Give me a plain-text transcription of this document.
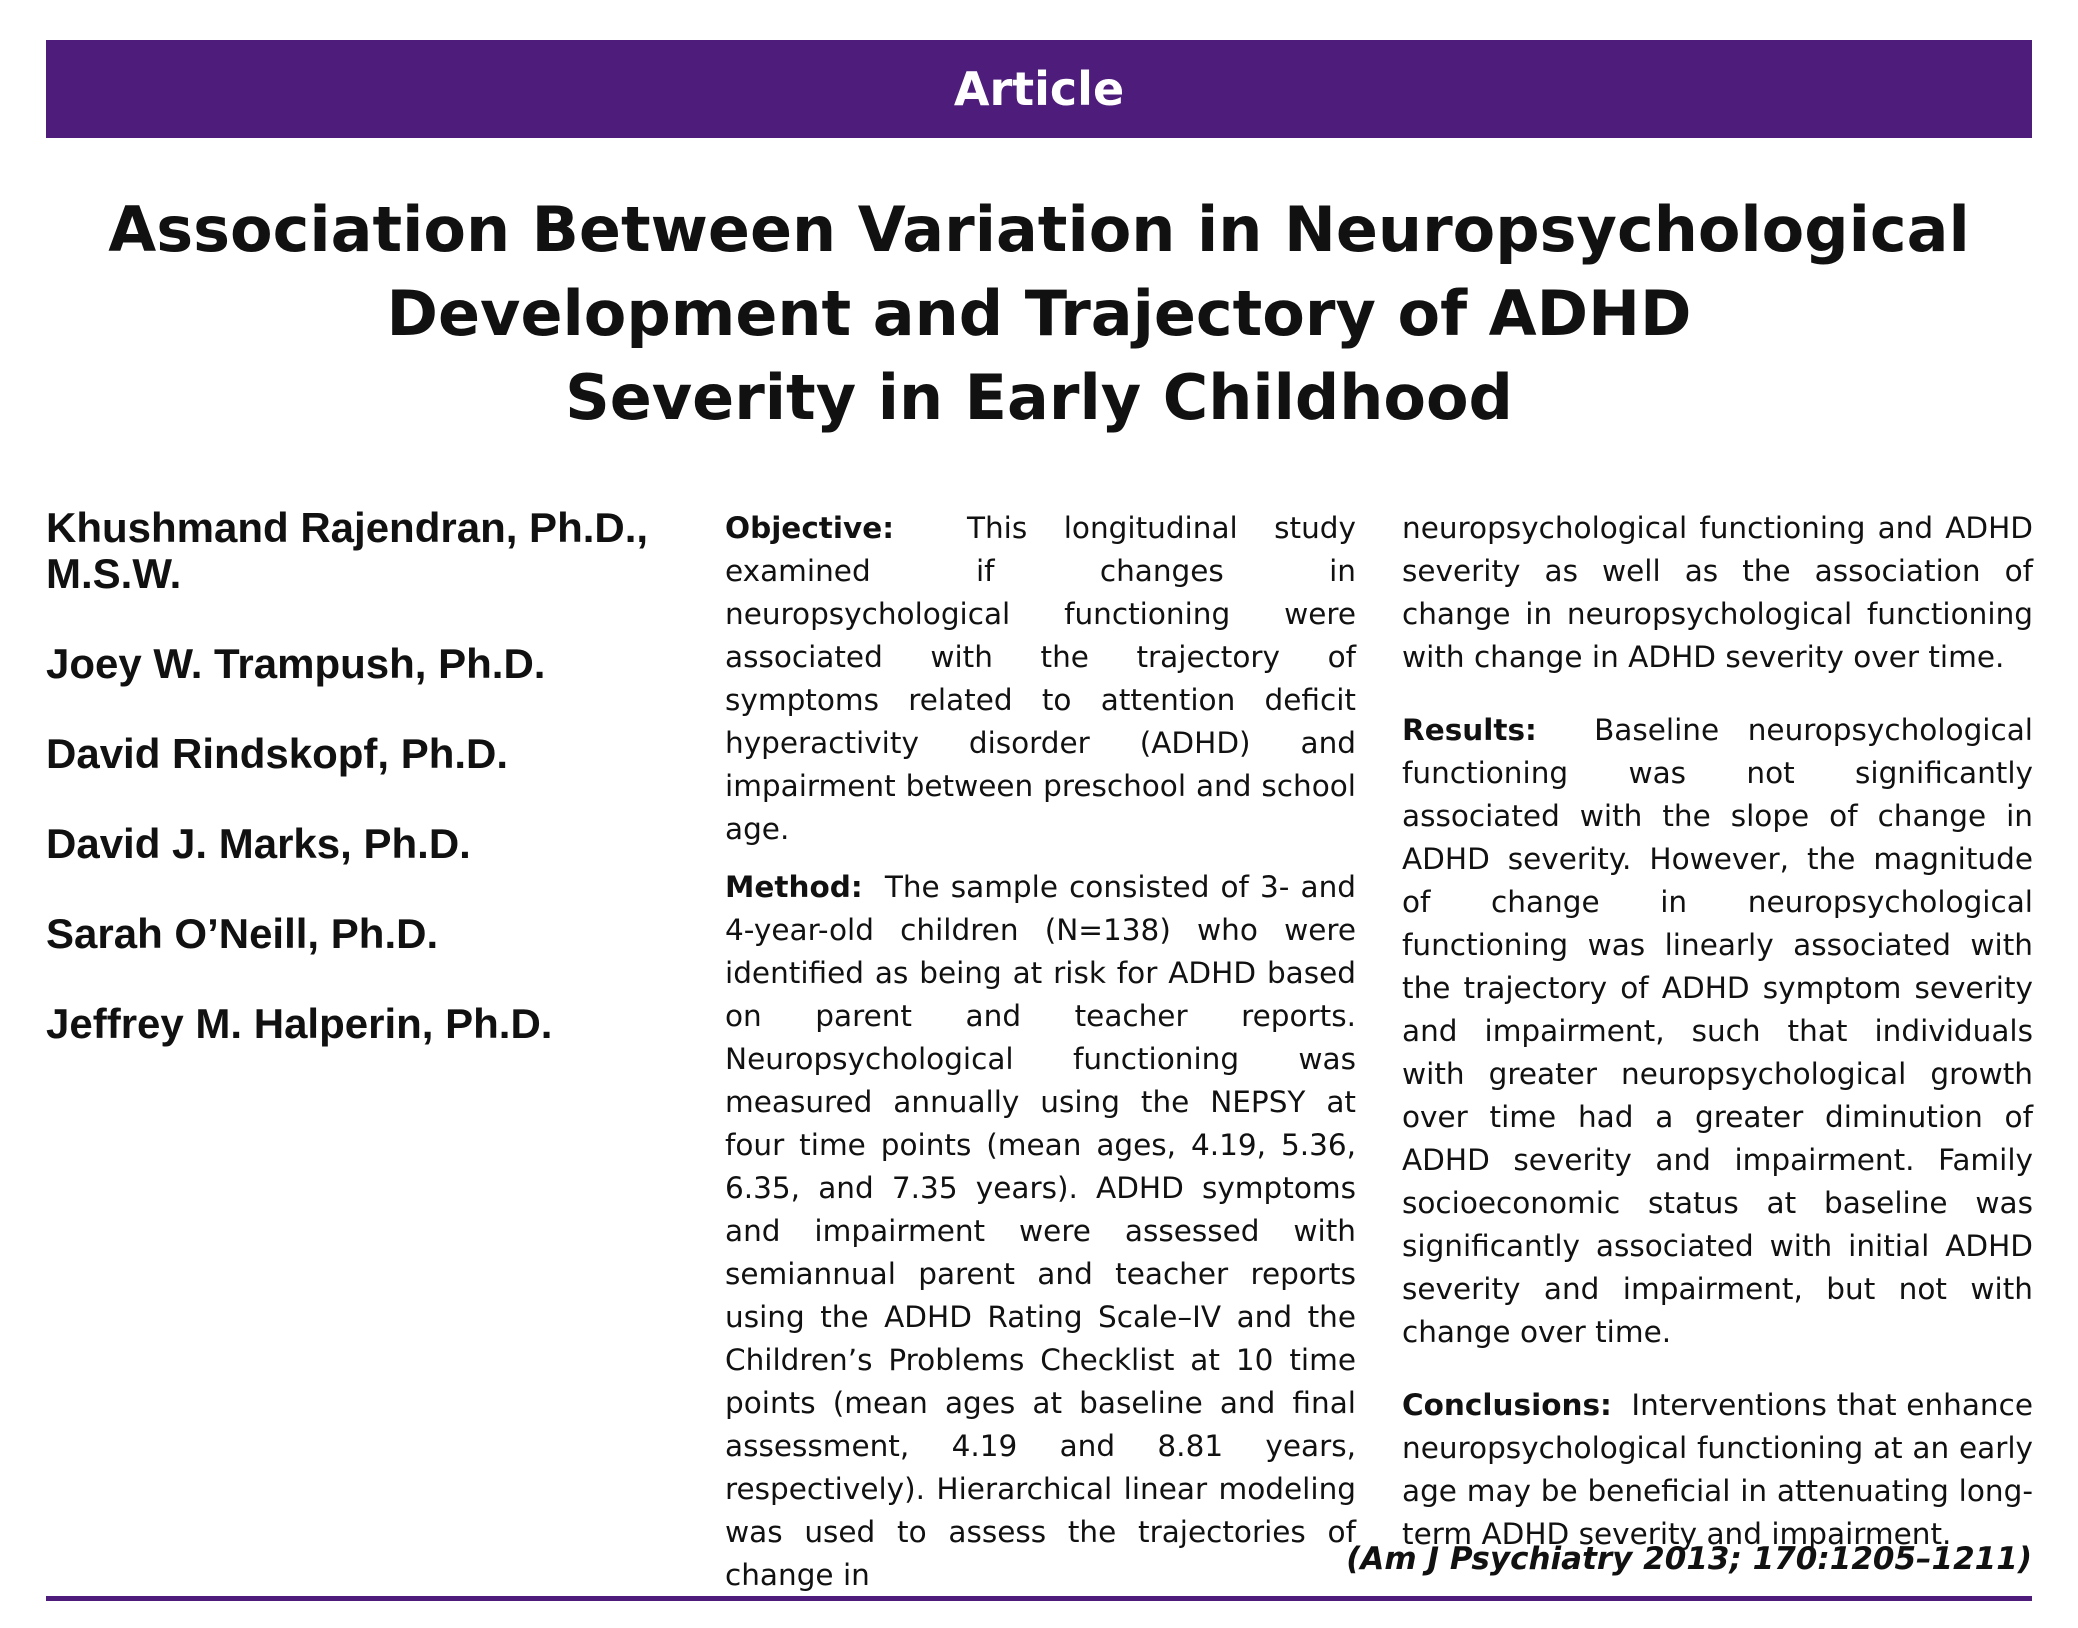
Article
Association Between Variation in Neuropsychological
Development and Trajectory of ADHD
Severity in Early Childhood

Khushmand Rajendran, Ph.D., M.S.W.

Joey W. Trampush, Ph.D.

David Rindskopf, Ph.D.

David J. Marks, Ph.D.

Sarah O’Neill, Ph.D.

Jeffrey M. Halperin, Ph.D.

Objective: This longitudinal study examined if changes in neuropsychological functioning were associated with the trajectory of symptoms related to attention deficit hyperactivity disorder (ADHD) and impairment between preschool and school age.

Method: The sample consisted of 3- and 4-year-old children (N=138) who were identified as being at risk for ADHD based on parent and teacher reports. Neuropsychological functioning was measured annually using the NEPSY at four time points (mean ages, 4.19, 5.36, 6.35, and 7.35 years). ADHD symptoms and impairment were assessed with semiannual parent and teacher reports using the ADHD Rating Scale–IV and the Children’s Problems Checklist at 10 time points (mean ages at baseline and final assessment, 4.19 and 8.81 years, respectively). Hierarchical linear modeling was used to assess the trajectories of change in

neuropsychological functioning and ADHD severity as well as the association of change in neuropsychological functioning with change in ADHD severity over time.

Results: Baseline neuropsychological functioning was not significantly associated with the slope of change in ADHD severity. However, the magnitude of change in neuropsychological functioning was linearly associated with the trajectory of ADHD symptom severity and impairment, such that individuals with greater neuropsychological growth over time had a greater diminution of ADHD severity and impairment. Family socioeconomic status at baseline was significantly associated with initial ADHD severity and impairment, but not with change over time.

Conclusions: Interventions that enhance neuropsychological functioning at an early age may be beneficial in attenuating long-term ADHD severity and impairment.

(Am J Psychiatry 2013; 170:1205–1211)
